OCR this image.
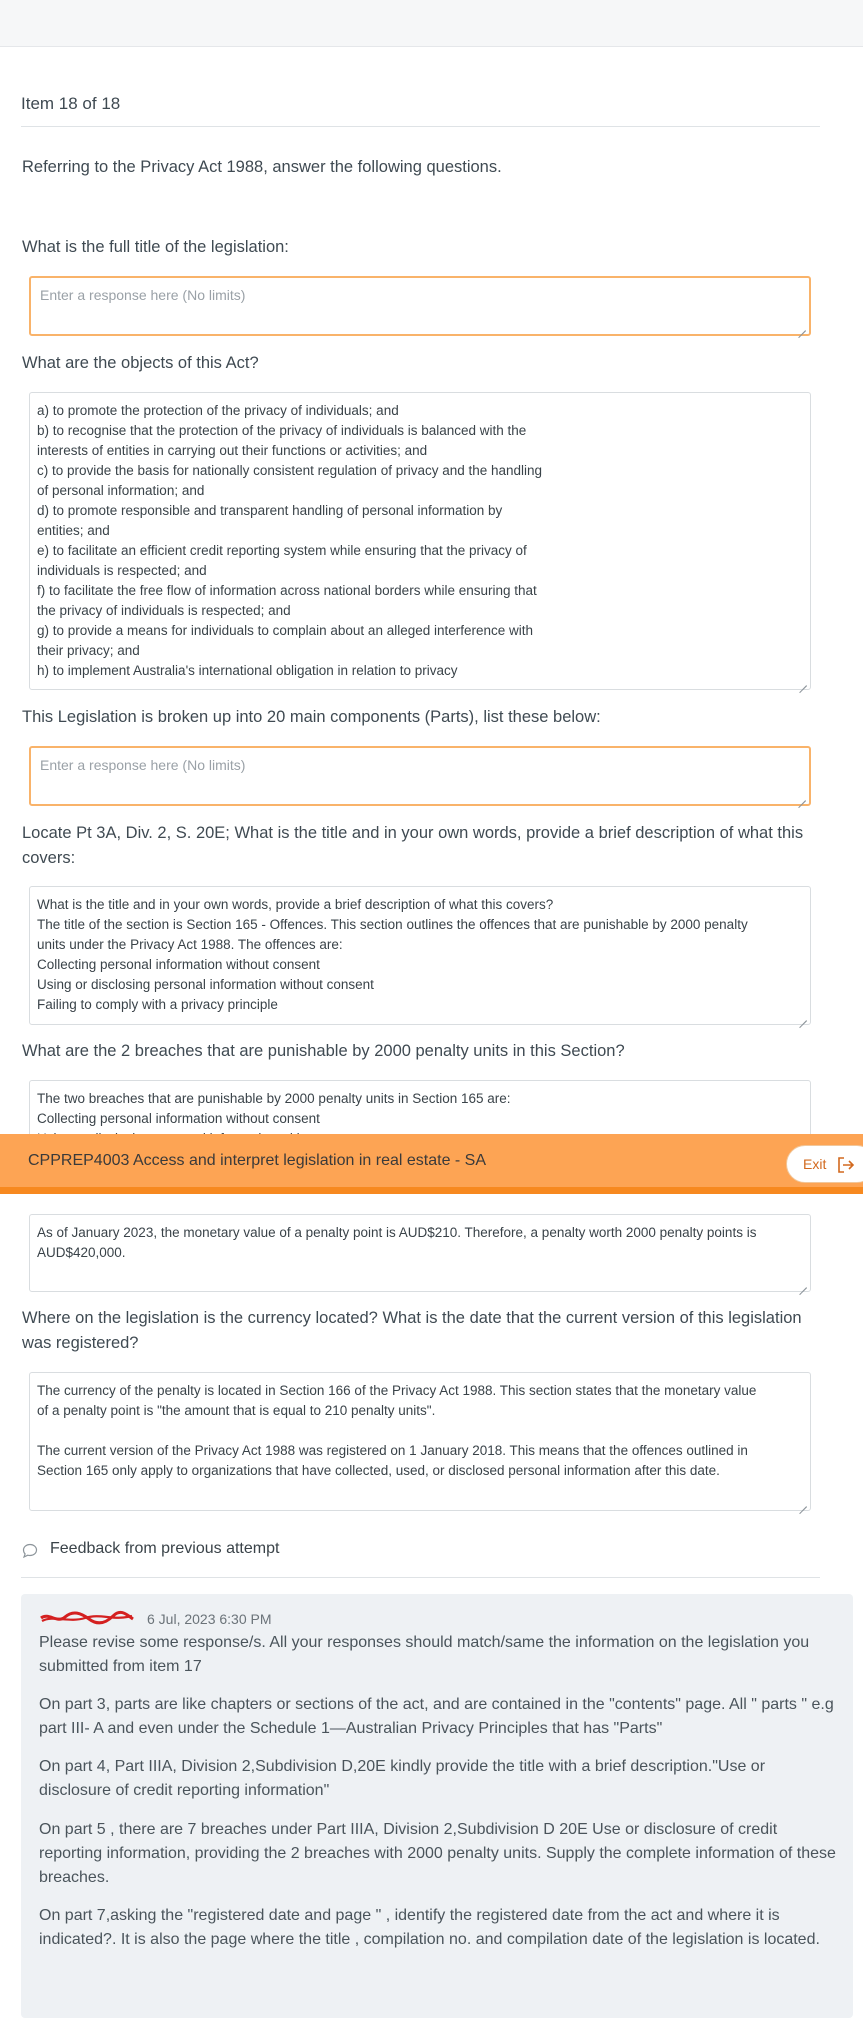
Item 18 of 18
Referring to the Privacy Act 1988, answer the following questions.
What is the full title of the legislation:
Enter a response here (No limits)
What are the objects of this Act?
a) to promote the protection of the privacy of individuals; and
b) to recognise that the protection of the privacy of individuals is balanced with the
interests of entities in carrying out their functions or activities; and
c) to provide the basis for nationally consistent regulation of privacy and the handling
of personal information; and
d) to promote responsible and transparent handling of personal information by
entities; and
e) to facilitate an efficient credit reporting system while ensuring that the privacy of
individuals is respected; and
f) to facilitate the free flow of information across national borders while ensuring that
the privacy of individuals is respected; and
g) to provide a means for individuals to complain about an alleged interference with
their privacy; and
h) to implement Australia's international obligation in relation to privacy
This Legislation is broken up into 20 main components (Parts), list these below:
Enter a response here (No limits)
Locate Pt 3A, Div. 2, S. 20E; What is the title and in your own words, provide a brief description of what this covers:
What is the title and in your own words, provide a brief description of what this covers?
The title of the section is Section 165 - Offences. This section outlines the offences that are punishable by 2000 penalty
units under the Privacy Act 1988. The offences are:
Collecting personal information without consent
Using or disclosing personal information without consent
Failing to comply with a privacy principle
What are the 2 breaches that are punishable by 2000 penalty units in this Section?
The two breaches that are punishable by 2000 penalty units in Section 165 are:
Collecting personal information without consent

CPPREP4003 Access and interpret legislation in real estate - SA	Exit
As of January 2023, the monetary value of a penalty point is AUD$210. Therefore, a penalty worth 2000 penalty points is
AUD$420,000.
Where on the legislation is the currency located? What is the date that the current version of this legislation was registered?
The currency of the penalty is located in Section 166 of the Privacy Act 1988. This section states that the monetary value
of a penalty point is "the amount that is equal to 210 penalty units".

The current version of the Privacy Act 1988 was registered on 1 January 2018. This means that the offences outlined in
Section 165 only apply to organizations that have collected, used, or disclosed personal information after this date.
Feedback from previous attempt
6 Jul, 2023 6:30 PM
Please revise some response/s. All your responses should match/same the information on the legislation you submitted from item 17
On part 3, parts are like chapters or sections of the act, and are contained in the "contents" page. All " parts " e.g part III- A and even under the Schedule 1—Australian Privacy Principles that has "Parts"
On part 4, Part IIIA, Division 2,Subdivision D,20E kindly provide the title with a brief description."Use or disclosure of credit reporting information"
On part 5 , there are 7 breaches under Part IIIA, Division 2,Subdivision D 20E Use or disclosure of credit reporting information, providing the 2 breaches with 2000 penalty units. Supply the complete information of these breaches.
On part 7,asking the "registered date and page " , identify the registered date from the act and where it is indicated?. It is also the page where the title , compilation no. and compilation date of the legislation is located.
